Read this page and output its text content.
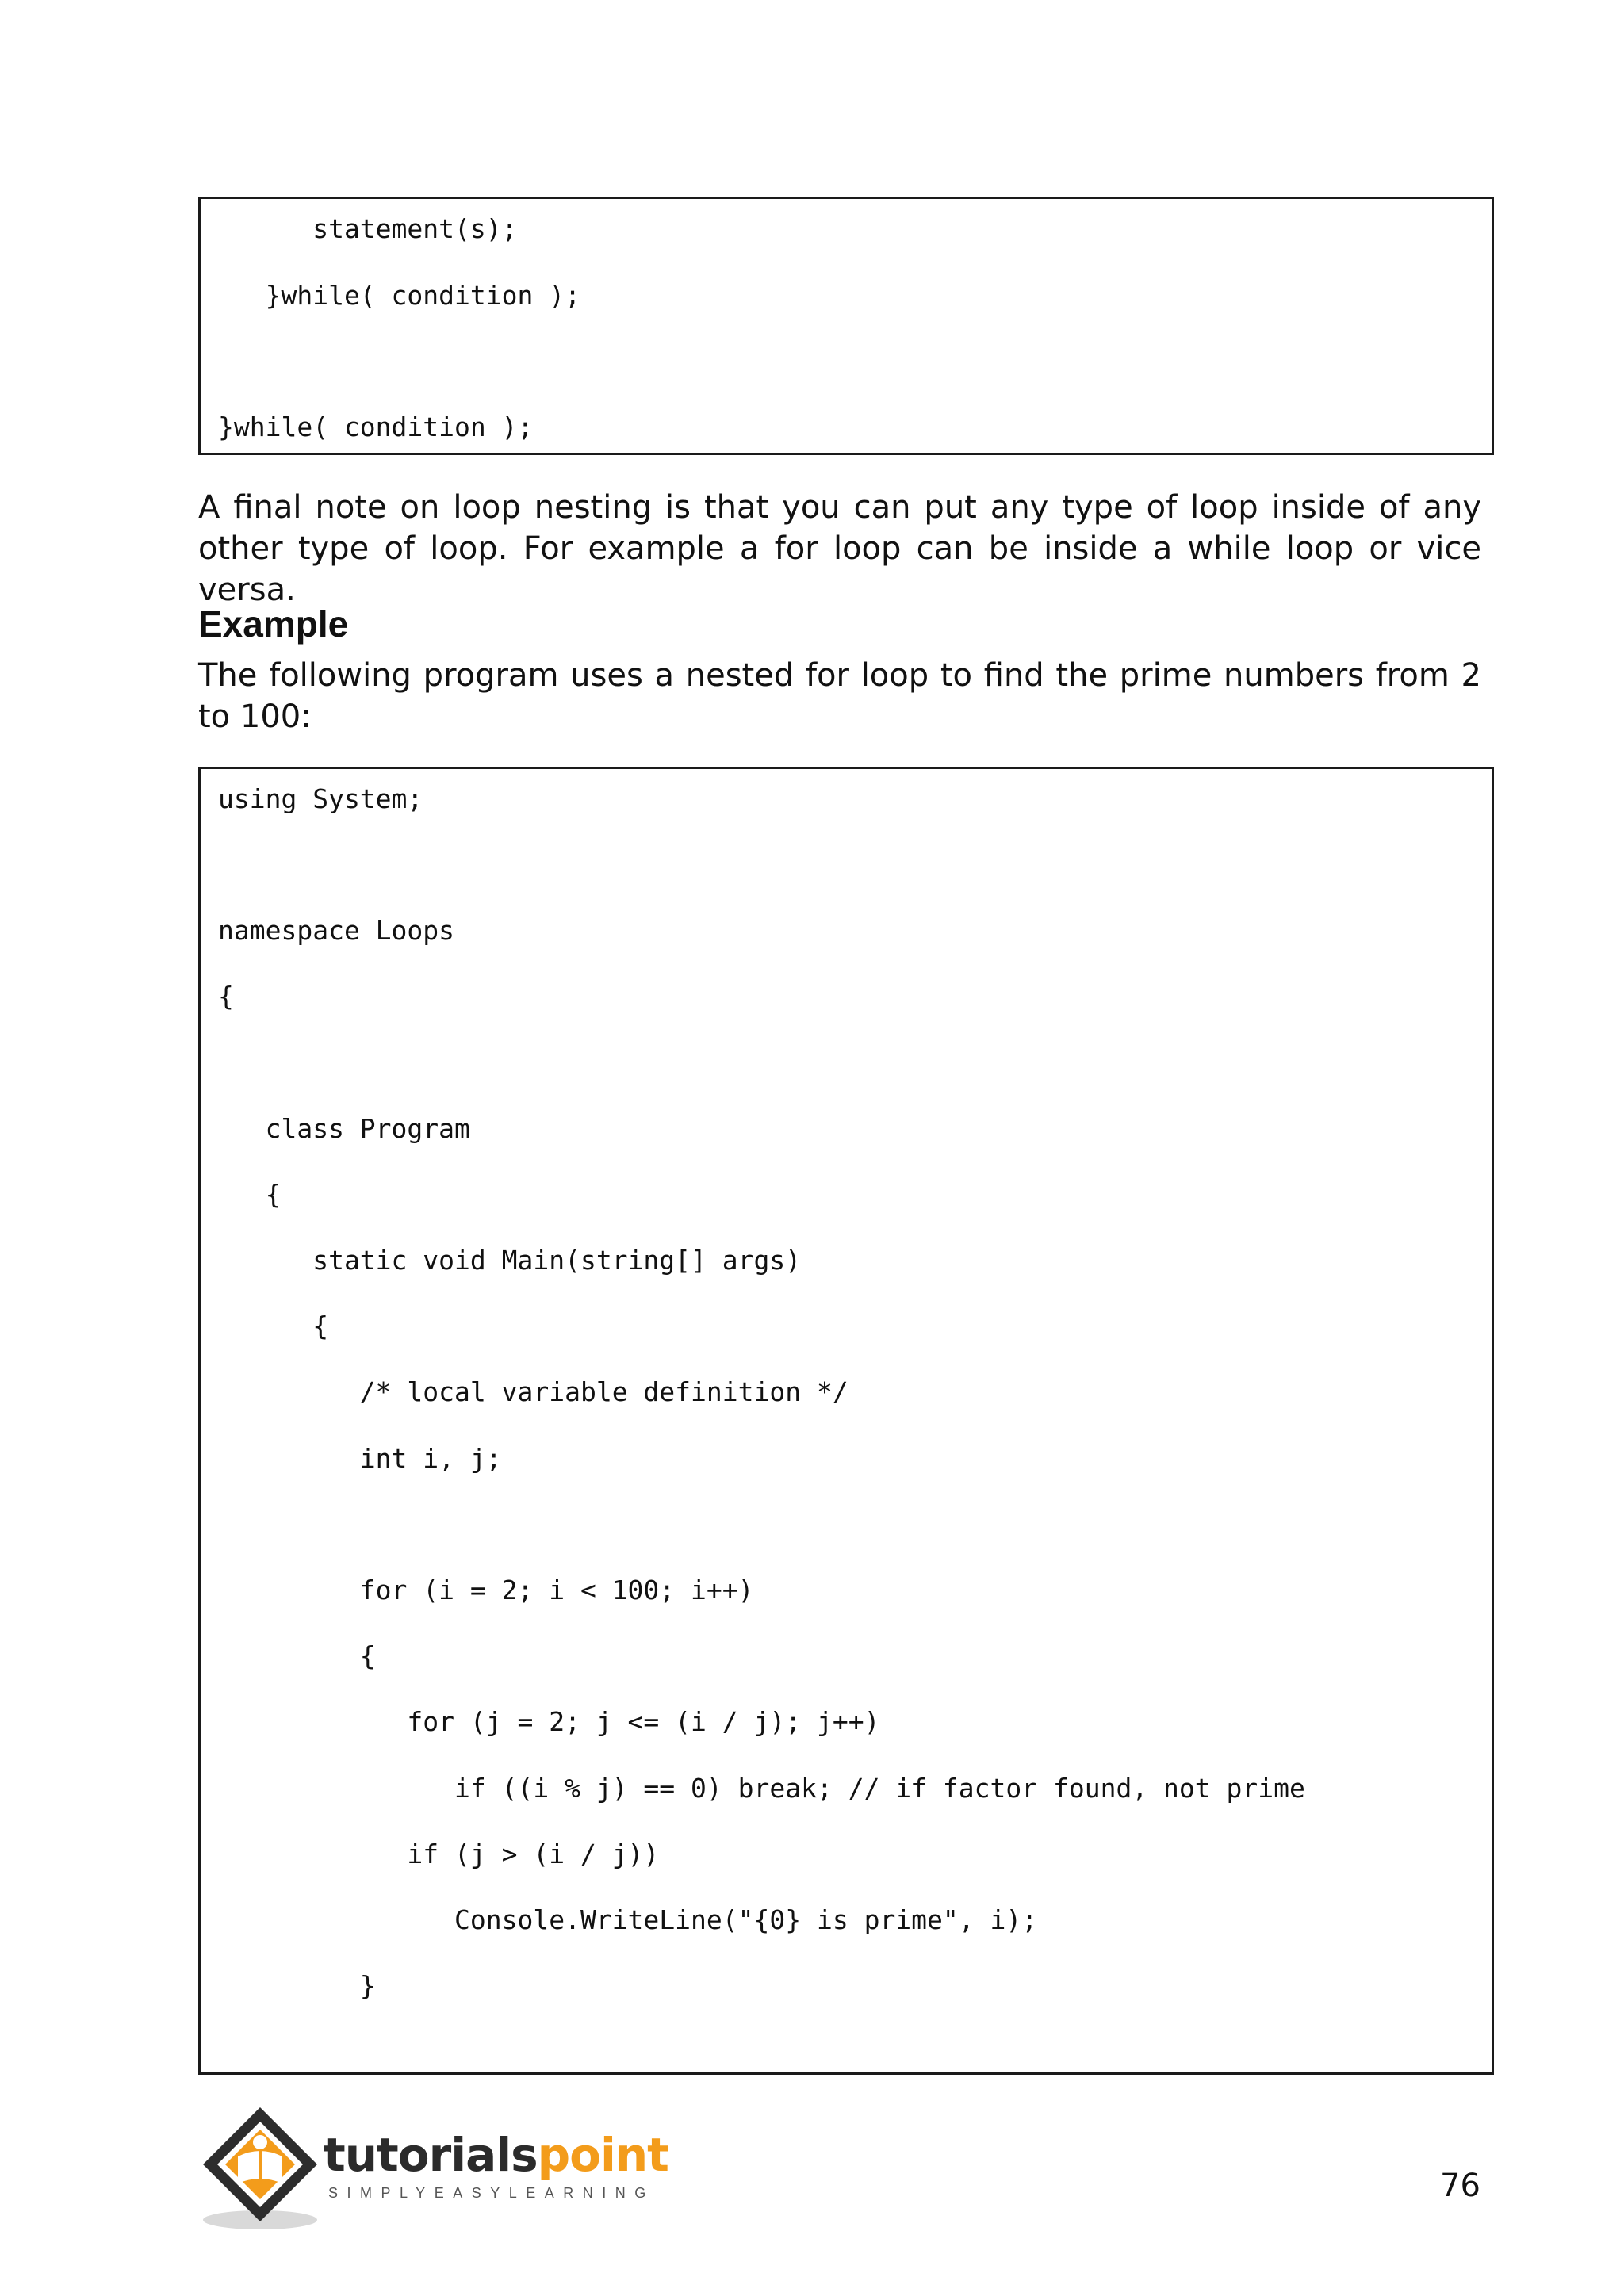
statement(s);
}while( condition );
}while( condition );
A final note on loop nesting is that you can put any type of loop inside of any other type of loop. For example a for loop can be inside a while loop or vice versa.
Example
The following program uses a nested for loop to find the prime numbers from 2 to 100:
using System;
namespace Loops
{
class Program
{
static void Main(string[] args)
{
/* local variable definition */
int i, j;
for (i = 2; i < 100; i++)
{
for (j = 2; j <= (i / j); j++)
if ((i % j) == 0) break; // if factor found, not prime
if (j > (i / j))
Console.WriteLine("{0} is prime", i);
}
tutorialspoint
SIMPLYEASYLEARNING	76
